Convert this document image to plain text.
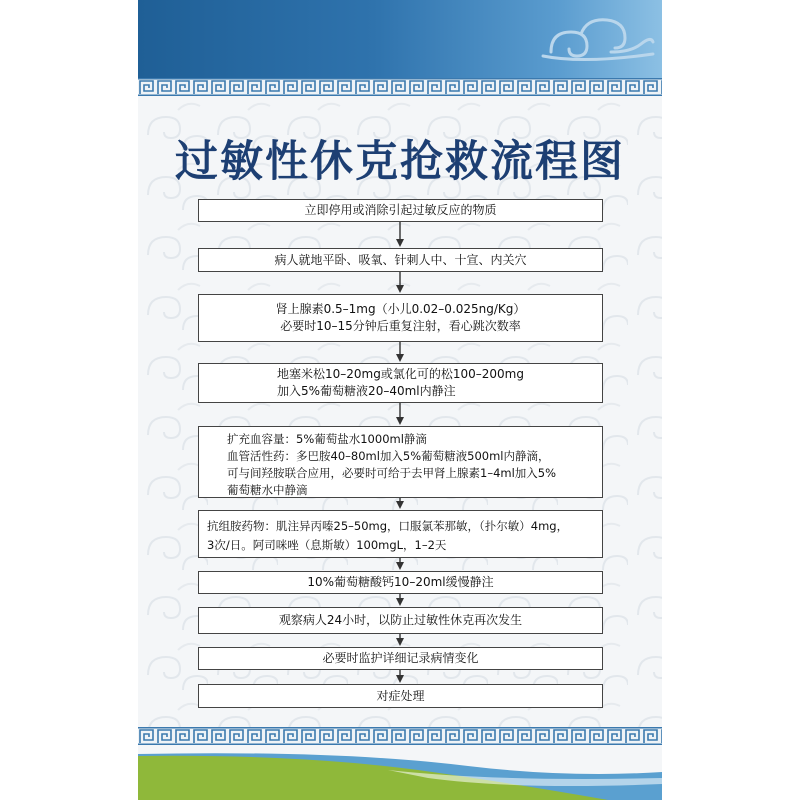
过敏性休克抢救流程图
立即停用或消除引起过敏反应的物质
病人就地平卧、吸氧、针刺人中、十宣、内关穴
肾上腺素0.5–1mg（小儿0.02–0.025ng/Kg）
必要时10–15分钟后重复注射，看心跳次数率
地塞米松10–20mg或氯化可的松100–200mg
加入5%葡萄糖液20–40ml内静注
扩充血容量：5%葡萄盐水1000ml静滴
血管活性药：多巴胺40–80ml加入5%葡萄糖液500ml内静滴，
可与间羟胺联合应用，必要时可给于去甲肾上腺素1–4ml加入5%
葡萄糖水中静滴
抗组胺药物：肌注异丙嗪25–50mg，口服氯苯那敏，（扑尔敏）4mg，
3次/日。阿司咪唑（息斯敏）100mgL，1–2天
10%葡萄糖酸钙10–20ml缓慢静注
观察病人24小时，以防止过敏性休克再次发生
必要时监护详细记录病情变化
对症处理
